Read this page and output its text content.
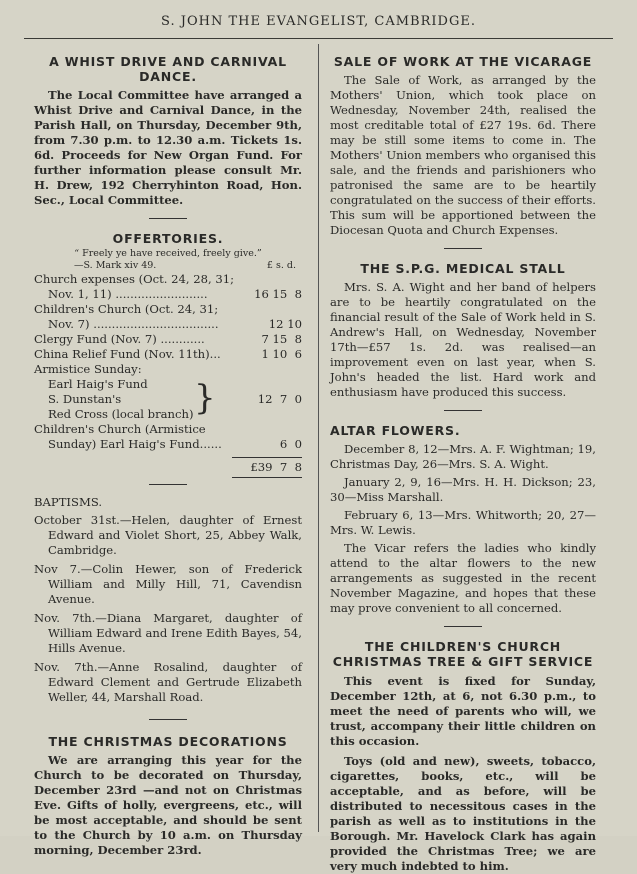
S. JOHN THE EVANGELIST, CAMBRIDGE.
A WHIST DRIVE AND CARNIVAL
DANCE.

The Local Committee have arranged a Whist Drive and Carnival Dance, in the Parish Hall, on Thursday, December 9th, from 7.30 p.m. to 12.30 a.m. Tickets 1s. 6d. Proceeds for New Organ Fund. For further information please consult Mr. H. Drew, 192 Cherryhinton Road, Hon. Sec., Local Committee.

OFFERTORIES.
“ Freely ye have received, freely give.”
—S. Mark xiv 49.	£ s. d.
Church expenses (Oct. 24, 28, 31;
Nov. 1, 11) .........................	16 15  8
Children's Church (Oct. 24, 31;
Nov. 7) ..................................	12 10
Clergy Fund (Nov. 7) ............	7 15  8
China Relief Fund (Nov. 11th)...	1 10  6
Armistice Sunday:
Earl Haig's Fund
S. Dunstan's
Red Cross (local branch) }	12  7  0
Children's Church (Armistice
Sunday) Earl Haig's Fund......	6  0
£39  7  8
BAPTISMS.

October 31st.—Helen, daughter of Ernest Edward and Violet Short, 25, Abbey Walk, Cambridge.

Nov 7.—Colin Hewer, son of Frederick William and Milly Hill, 71, Cavendisn Avenue.

Nov. 7th.—Diana Margaret, daughter of William Edward and Irene Edith Bayes, 54, Hills Avenue.

Nov. 7th.—Anne Rosalind, daughter of Edward Clement and Gertrude Elizabeth Weller, 44, Marshall Road.

THE CHRISTMAS DECORATIONS

We are arranging this year for the Church to be decorated on Thursday, December 23rd —and not on Christmas Eve. Gifts of holly, evergreens, etc., will be most acceptable, and should be sent to the Church by 10 a.m. on Thursday morning, December 23rd.

SALE OF WORK AT THE VICARAGE

The Sale of Work, as arranged by the Mothers' Union, which took place on Wednesday, November 24th, realised the most creditable total of £27 19s. 6d. There may be still some items to come in. The Mothers' Union members who organised this sale, and the friends and parishioners who patronised the same are to be heartily congratulated on the success of their efforts. This sum will be apportioned between the Diocesan Quota and Church Expenses.

THE S.P.G. MEDICAL STALL

Mrs. S. A. Wight and her band of helpers are to be heartily congratulated on the financial result of the Sale of Work held in S. Andrew's Hall, on Wednesday, November 17th—£57 1s. 2d. was realised—an improvement even on last year, when S. John's headed the list. Hard work and enthusiasm have produced this success.

ALTAR FLOWERS.

December 8, 12—Mrs. A. F. Wightman; 19, Christmas Day, 26—Mrs. S. A. Wight.

January 2, 9, 16—Mrs. H. H. Dickson; 23, 30—Miss Marshall.

February 6, 13—Mrs. Whitworth; 20, 27—Mrs. W. Lewis.

The Vicar refers the ladies who kindly attend to the altar flowers to the new arrangements as suggested in the recent November Magazine, and hopes that these may prove convenient to all concerned.

THE CHILDREN'S CHURCH
CHRISTMAS TREE & GIFT SERVICE

This event is fixed for Sunday, December 12th, at 6, not 6.30 p.m., to meet the need of parents who will, we trust, accompany their little children on this occasion.

Toys (old and new), sweets, tobacco, cigarettes, books, etc., will be acceptable, and as before, will be distributed to necessitous cases in the parish as well as to institutions in the Borough. Mr. Havelock Clark has again provided the Christmas Tree; we are very much indebted to him.
